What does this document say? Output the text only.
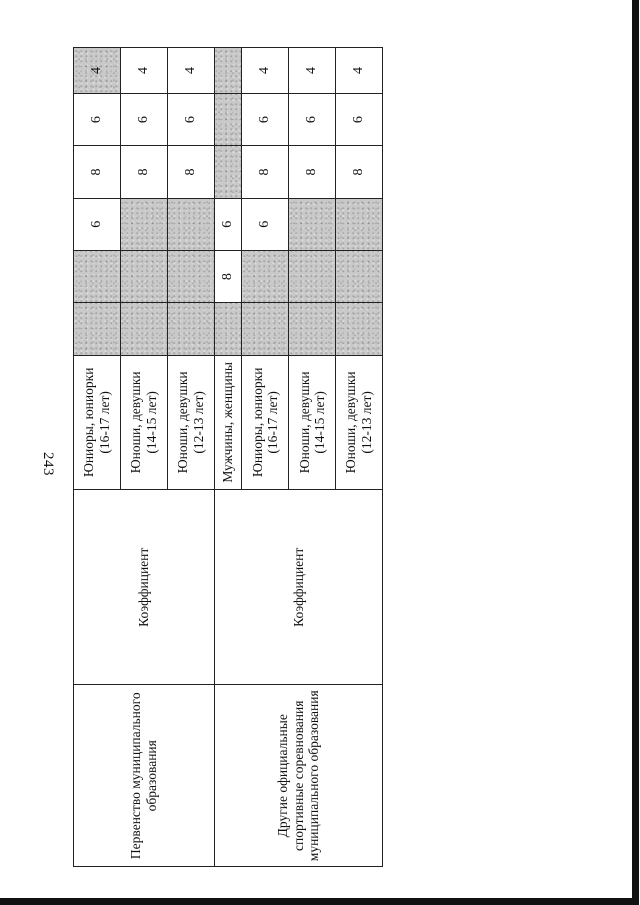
243
Первенство муниципального образования	Коэффициент	Юниоры, юниорки (16-17 лет)			6	8	6	4
		Юноши, девушки (14-15 лет)				8	6	4
		Юноши, девушки (12-13 лет)				8	6	4
Другие официальные спортивные соревнования муниципального образования	Коэффициент	Мужчины, женщины		8	6			
		Юниоры, юниорки (16-17 лет)			6	8	6	4
		Юноши, девушки (14-15 лет)				8	6	4
		Юноши, девушки (12-13 лет)				8	6	4
